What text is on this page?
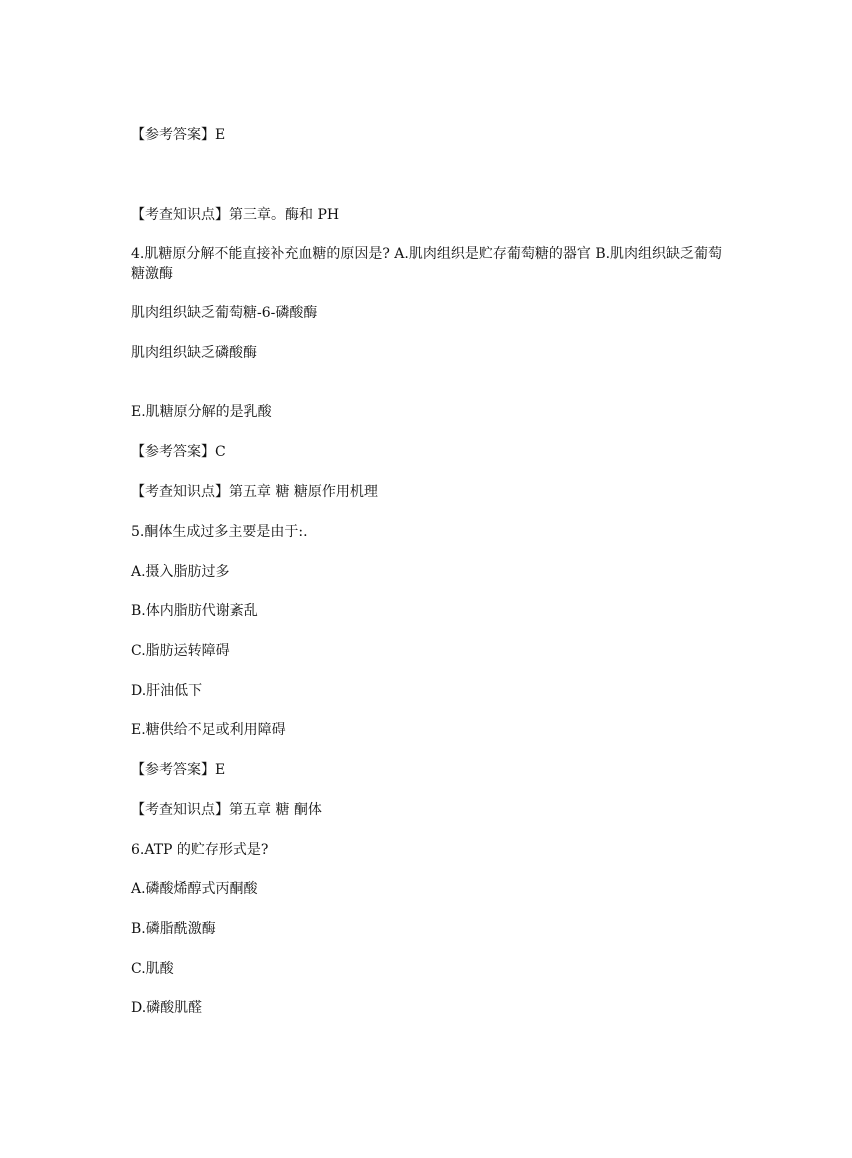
【参考答案】E
【考查知识点】第三章。酶和 PH
4.肌糖原分解不能直接补充血糖的原因是? A.肌肉组织是贮存葡萄糖的器官 B.肌肉组织缺乏葡萄糖激酶
肌肉组织缺乏葡萄糖-6-磷酸酶
肌肉组织缺乏磷酸酶
E.肌糖原分解的是乳酸
【参考答案】C
【考查知识点】第五章 糖 糖原作用机理
5.酮体生成过多主要是由于:.
A.摄入脂肪过多
B.体内脂肪代谢紊乱
C.脂肪运转障碍
D.肝油低下
E.糖供给不足或利用障碍
【参考答案】E
【考查知识点】第五章 糖 酮体
6.ATP 的贮存形式是?
A.磷酸烯醇式丙酮酸
B.磷脂酰激酶
C.肌酸
D.磷酸肌醛
